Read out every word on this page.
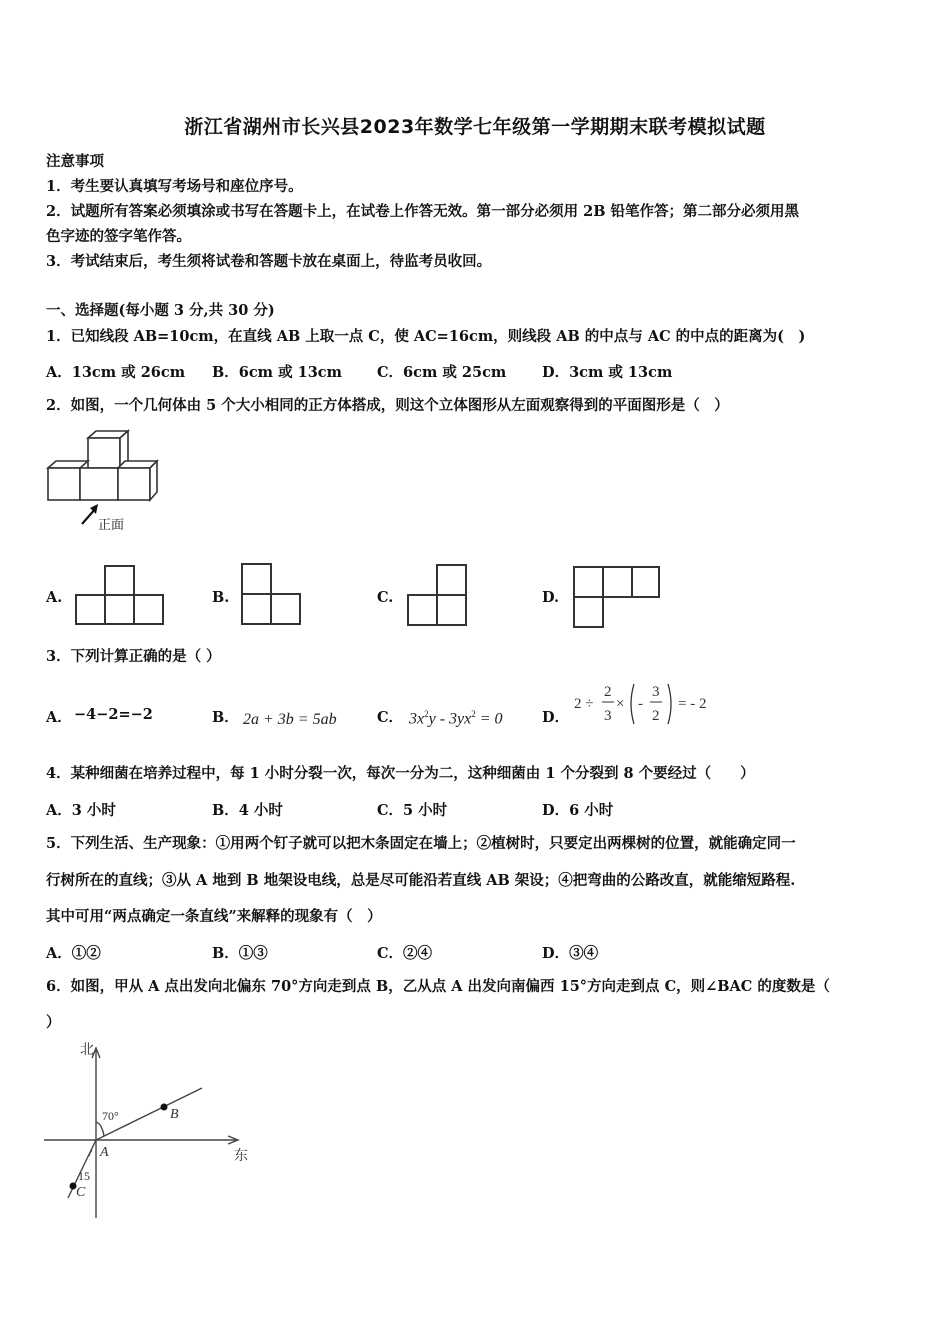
浙江省湖州市长兴县2023年数学七年级第一学期期末联考模拟试题
注意事项
1．考生要认真填写考场号和座位序号。
2．试题所有答案必须填涂或书写在答题卡上，在试卷上作答无效。第一部分必须用 2B 铅笔作答；第二部分必须用黑
色字迹的签字笔作答。
3．考试结束后，考生须将试卷和答题卡放在桌面上，待监考员收回。
一、选择题(每小题 3 分,共 30 分)
1．已知线段 AB=10cm，在直线 AB 上取一点 C，使 AC=16cm，则线段 AB 的中点与 AC 的中点的距离为(　)
A．13cm 或 26cm B．6cm 或 13cm C．6cm 或 25cm D．3cm 或 13cm
2．如图，一个几何体由 5 个大小相同的正方体搭成，则这个立体图形从左面观察得到的平面图形是（　）
正面
A.	B.	C.	D.
3．下列计算正确的是（ ）
A． −4−2=−2	B． 2a + 3b = 5ab	C． $3x^2y - 3yx^2 = 0$	D．
2 ÷
2
3
× -
3
2
= - 2
4．某种细菌在培养过程中，每 1 小时分裂一次，每次一分为二，这种细菌由 1 个分裂到 8 个要经过（　　）
A．3 小时	B．4 小时	C．5 小时	D．6 小时
5．下列生活、生产现象：①用两个钉子就可以把木条固定在墙上；②植树时，只要定出两棵树的位置，就能确定同一
行树所在的直线；③从 A 地到 B 地架设电线，总是尽可能沿若直线 AB 架设；④把弯曲的公路改直，就能缩短路程.
其中可用“两点确定一条直线”来解释的现象有（　）
A．①②	B．①③	C．②④	D．③④
6．如图，甲从 A 点出发向北偏东 70°方向走到点 B，乙从点 A 出发向南偏西 15°方向走到点 C，则∠BAC 的度数是（
）
北
东
70°
15
A
B
C
